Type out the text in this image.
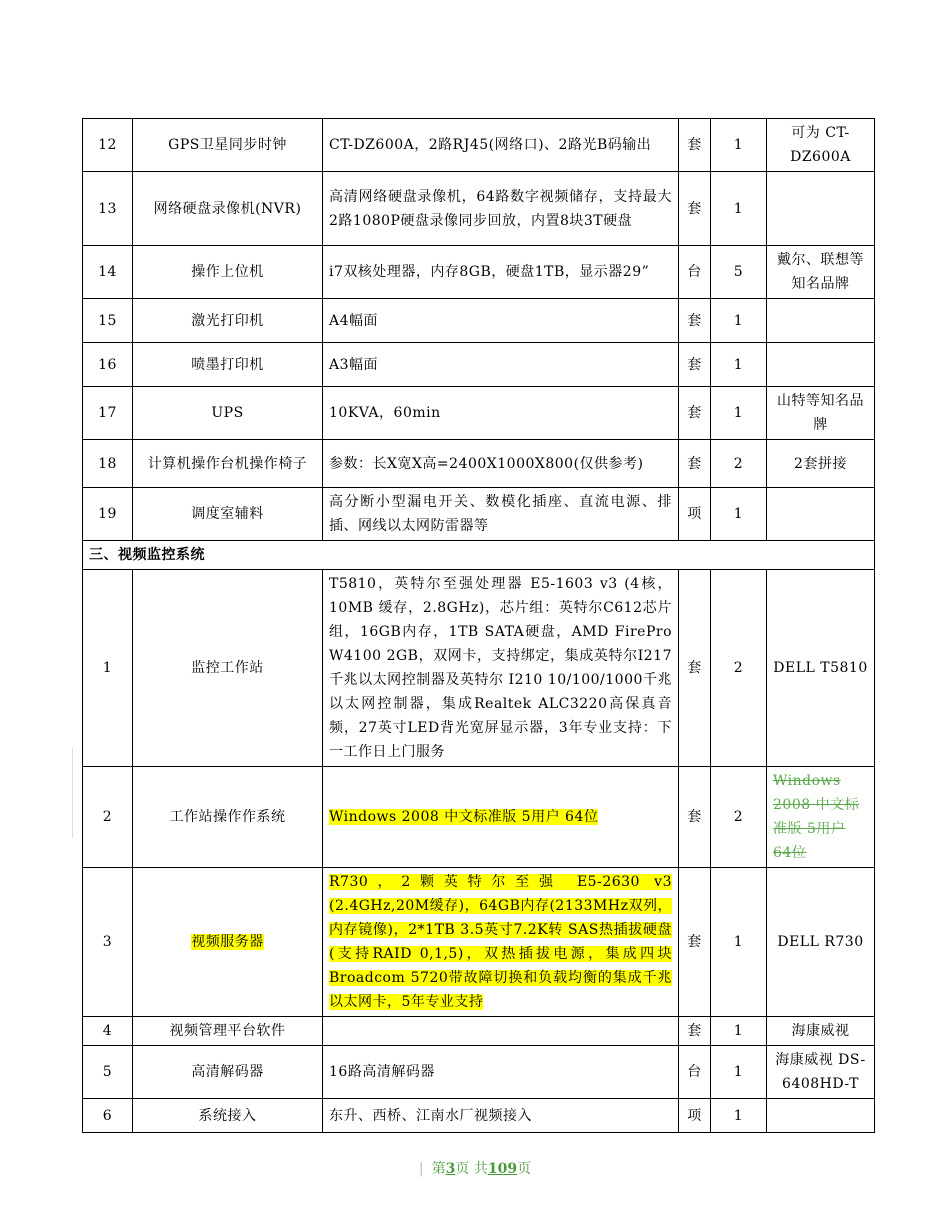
12	GPS卫星同步时钟	CT-DZ600A，2路RJ45(网络口)、2路光B码输出	套	1	可为 CT-DZ600A
13	网络硬盘录像机(NVR)	高清网络硬盘录像机，64路数字视频储存，支持最大2路1080P硬盘录像同步回放，内置8块3T硬盘	套	1	
14	操作上位机	i7双核处理器，内存8GB，硬盘1TB，显示器29”	台	5	戴尔、联想等知名品牌
15	激光打印机	A4幅面	套	1	
16	喷墨打印机	A3幅面	套	1	
17	UPS	10KVA，60min	套	1	山特等知名品牌
18	计算机操作台机操作椅子	参数：长X宽X高=2400X1000X800(仅供参考)	套	2	2套拼接
19	调度室辅料	高分断小型漏电开关、数模化插座、直流电源、排插、网线以太网防雷器等	项	1	
三、视频监控系统					
1	监控工作站	T5810，英特尔至强处理器 E5-1603 v3 (4核，10MB 缓存，2.8GHz)，芯片组：英特尔C612芯片组，16GB内存，1TB SATA硬盘，AMD FirePro W4100 2GB，双网卡，支持绑定，集成英特尔I217 千兆以太网控制器及英特尔 I210 10/100/1000千兆以太网控制器，集成Realtek ALC3220高保真音频，27英寸LED背光宽屏显示器，3年专业支持：下一工作日上门服务	套	2	DELL T5810
2	工作站操作作系统	Windows 2008 中文标准版 5用户 64位	套	2	Windows 2008 中文标准版 5用户 64位
3	视频服务器	R730，2颗英特尔至强 E5-2630 v3 (2.4GHz,20M缓存)，64GB内存(2133MHz双列，内存镜像)，2*1TB 3.5英寸7.2K转 SAS热插拔硬盘(支持RAID 0,1,5)，双热插拔电源，集成四块Broadcom 5720带故障切换和负载均衡的集成千兆以太网卡，5年专业支持	套	1	DELL R730
4	视频管理平台软件		套	1	海康威视
5	高清解码器	16路高清解码器	台	1	海康威视 DS-6408HD-T
6	系统接入	东升、西桥、江南水厂视频接入	项	1	
| 第3页 共109页
